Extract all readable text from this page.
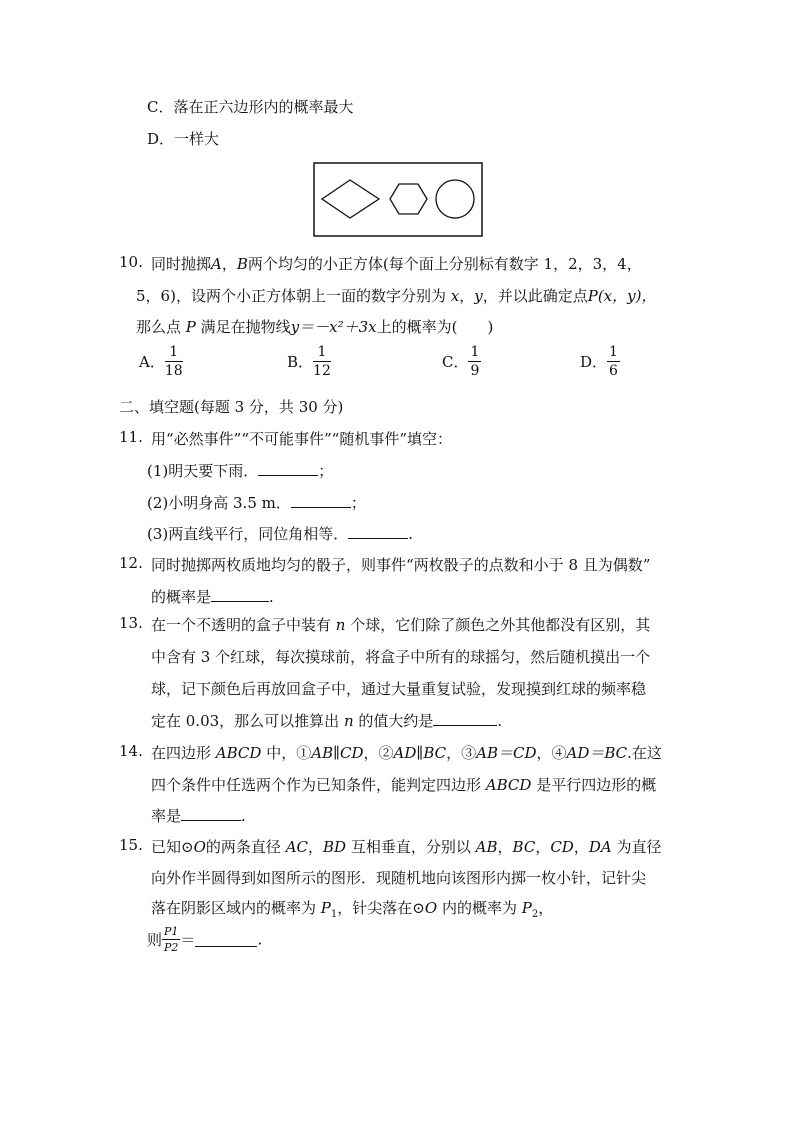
C．落在正六边形内的概率最大
D．一样大
10. 同时抛掷A，B两个均匀的小正方体(每个面上分别标有数字 1，2，3，4，
5，6)，设两个小正方体朝上一面的数字分别为 x，y，并以此确定点P(x，y)，
那么点 P 满足在抛物线y＝－x²＋3x上的概率为(　　)
A． $\frac{1}{18}$	B． $\frac{1}{12}$	C． $\frac{1}{9}$	D． $\frac{1}{6}$
二、填空题(每题 3 分，共 30 分)
11. 用“必然事件”“不可能事件”“随机事件”填空：
(1)明天要下雨．	；
(2)小明身高 3.5 m．	；
(3)两直线平行，同位角相等．	.
12. 同时抛掷两枚质地均匀的骰子，则事件“两枚骰子的点数和小于 8 且为偶数”
的概率是	.
13. 在一个不透明的盒子中装有 n 个球，它们除了颜色之外其他都没有区别，其
中含有 3 个红球，每次摸球前，将盒子中所有的球摇匀，然后随机摸出一个
球，记下颜色后再放回盒子中，通过大量重复试验，发现摸到红球的频率稳
定在 0.03，那么可以推算出 n 的值大约是	.
14. 在四边形 ABCD 中，①AB∥CD，②AD∥BC，③AB＝CD，④AD＝BC.在这
四个条件中任选两个作为已知条件，能判定四边形 ABCD 是平行四边形的概
率是	.
15. 已知⊙O的两条直径 AC，BD 互相垂直，分别以 AB，BC，CD，DA 为直径
向外作半圆得到如图所示的图形．现随机地向该图形内掷一枚小针，记针尖
落在阴影区域内的概率为 $P_1$，针尖落在⊙O 内的概率为 $P_2$，
则 $\frac{P1}{P2}$ ＝	.
